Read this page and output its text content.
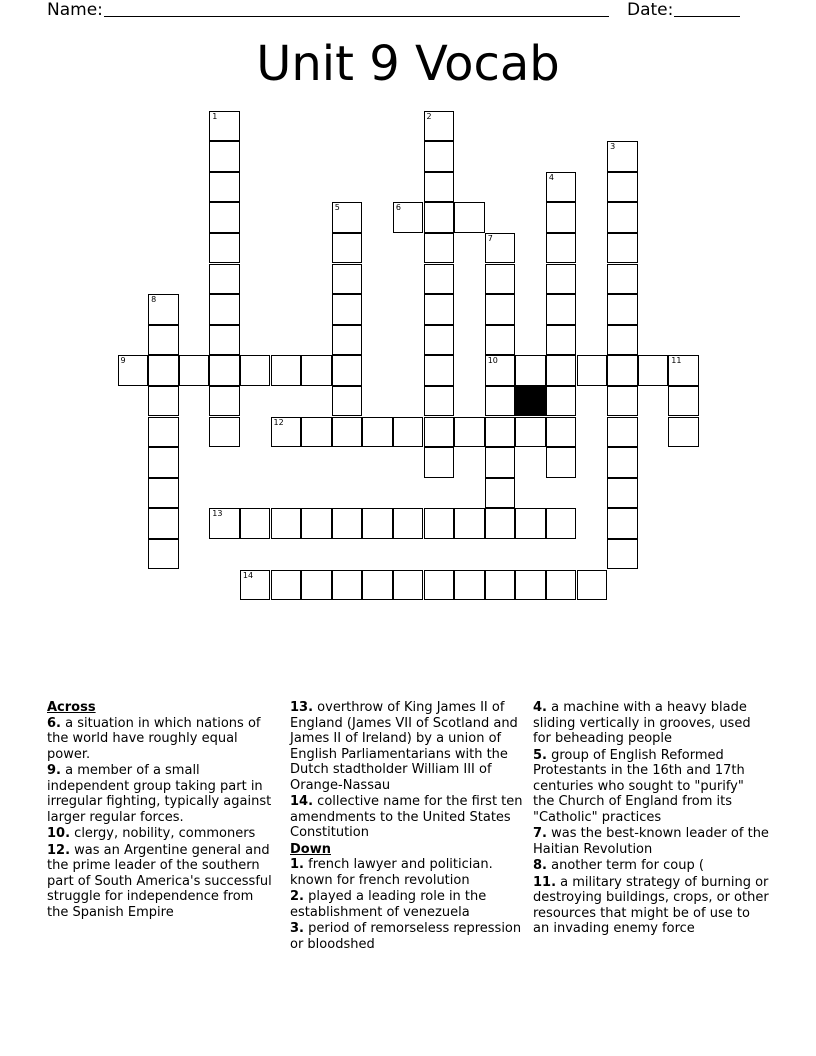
Name:	Date:
Unit 9 Vocab
1	2
3
4
5	6
7
10
8
9	11
12
13
14
Across
6. a situation in which nations of the world have roughly equal power.
9. a member of a small independent group taking part in irregular fighting, typically against larger regular forces.
10. clergy, nobility, commoners
12. was an Argentine general and the prime leader of the southern part of South America's successful struggle for independence from the Spanish Empire
13. overthrow of King James II of England (James VII of Scotland and James II of Ireland) by a union of English Parliamentarians with the Dutch stadtholder William III of Orange-Nassau
14. collective name for the first ten amendments to the United States Constitution
Down
1. french lawyer and politician. known for french revolution
2. played a leading role in the establishment of venezuela
3. period of remorseless repression or bloodshed
4. a machine with a heavy blade sliding vertically in grooves, used for beheading people
5. group of English Reformed Protestants in the 16th and 17th centuries who sought to "purify" the Church of England from its "Catholic" practices
7. was the best-known leader of the Haitian Revolution
8. another term for coup (
11. a military strategy of burning or destroying buildings, crops, or other resources that might be of use to an invading enemy force
